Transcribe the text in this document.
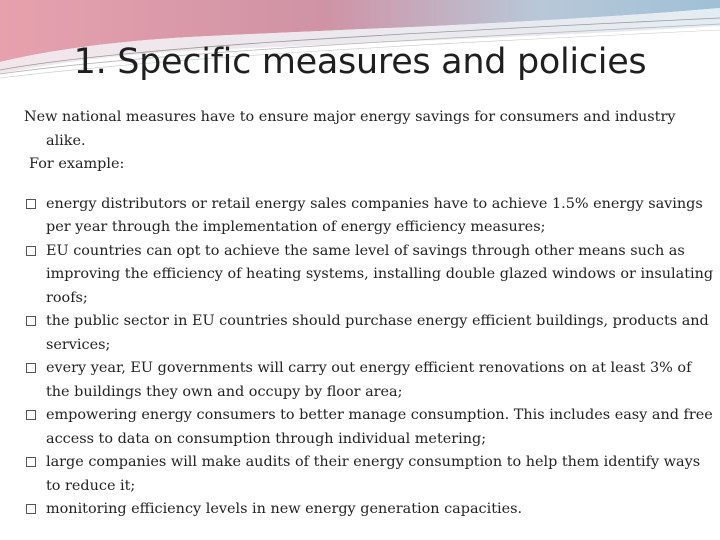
1. Specific measures and policies

New national measures have to ensure major energy savings for consumers and industry alike.

For example:

energy distributors or retail energy sales companies have to achieve 1.5% energy savings per year through the implementation of energy efficiency measures;
EU countries can opt to achieve the same level of savings through other means such as improving the efficiency of heating systems, installing double glazed windows or insulating roofs;
the public sector in EU countries should purchase energy efficient buildings, products and services;
every year, EU governments will carry out energy efficient renovations on at least 3% of the buildings they own and occupy by floor area;
empowering energy consumers to better manage consumption. This includes easy and free access to data on consumption through individual metering;
large companies will make audits of their energy consumption to help them identify ways to reduce it;
monitoring efficiency levels in new energy generation capacities.
